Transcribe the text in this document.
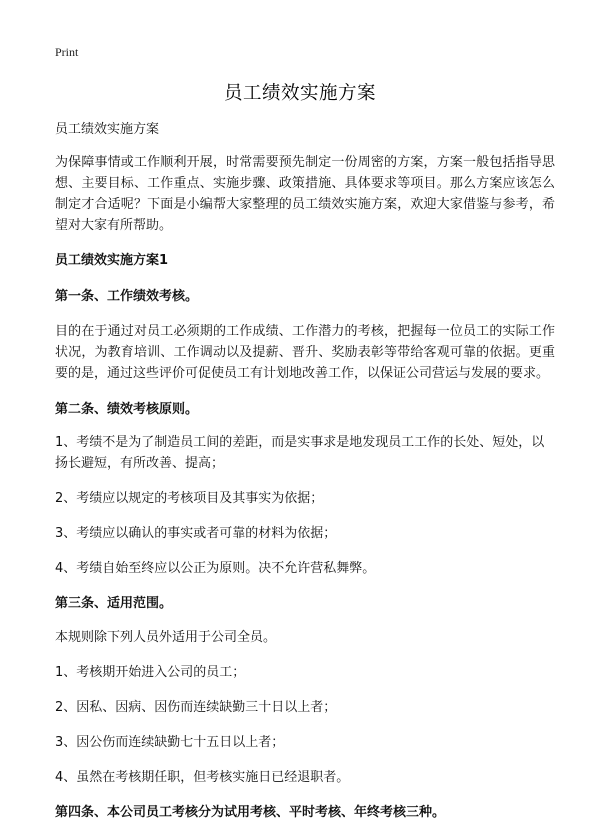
Print
员工绩效实施方案

员工绩效实施方案

为保障事情或工作顺利开展，时常需要预先制定一份周密的方案，方案一般包括指导思想、主要目标、工作重点、实施步骤、政策措施、具体要求等项目。那么方案应该怎么制定才合适呢？下面是小编帮大家整理的员工绩效实施方案，欢迎大家借鉴与参考，希望对大家有所帮助。

员工绩效实施方案1

第一条、工作绩效考核。

目的在于通过对员工必须期的工作成绩、工作潜力的考核，把握每一位员工的实际工作状况，为教育培训、工作调动以及提薪、晋升、奖励表彰等带给客观可靠的依据。更重要的是，通过这些评价可促使员工有计划地改善工作，以保证公司营运与发展的要求。

第二条、绩效考核原则。

1、考绩不是为了制造员工间的差距，而是实事求是地发现员工工作的长处、短处，以扬长避短，有所改善、提高；

2、考绩应以规定的考核项目及其事实为依据；

3、考绩应以确认的事实或者可靠的材料为依据；

4、考绩自始至终应以公正为原则。决不允许营私舞弊。

第三条、适用范围。

本规则除下列人员外适用于公司全员。

1、考核期开始进入公司的员工；

2、因私、因病、因伤而连续缺勤三十日以上者；

3、因公伤而连续缺勤七十五日以上者；

4、虽然在考核期任职，但考核实施日已经退职者。

第四条、本公司员工考核分为试用考核、平时考核、年终考核三种。
